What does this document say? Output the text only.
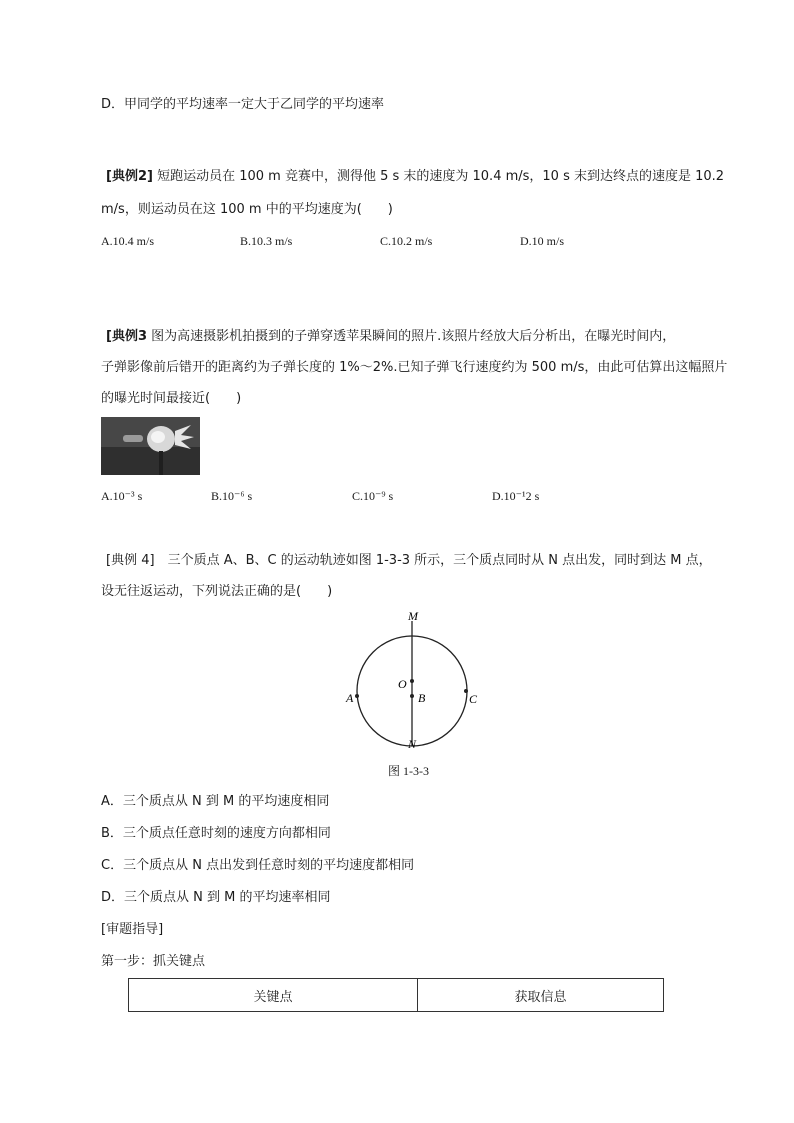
D．甲同学的平均速率一定大于乙同学的平均速率
[典例2] 短跑运动员在 100 m 竞赛中，测得他 5 s 末的速度为 10.4 m/s，10 s 末到达终点的速度是 10.2
m/s，则运动员在这 100 m 中的平均速度为(　　)
A.10.4 m/s	B.10.3 m/s	C.10.2 m/s	D.10 m/s
[典例3 图为高速摄影机拍摄到的子弹穿透苹果瞬间的照片.该照片经放大后分析出，在曝光时间内，
子弹影像前后错开的距离约为子弹长度的 1%～2%.已知子弹飞行速度约为 500 m/s，由此可估算出这幅照片
的曝光时间最接近(　　)
A.10⁻³ s	B.10⁻⁶ s	C.10⁻⁹ s	D.10⁻¹2 s
[典例 4]　三个质点 A、B、C 的运动轨迹如图 1-3-3 所示，三个质点同时从 N 点出发，同时到达 M 点，
设无往返运动，下列说法正确的是(　　)
M
N
O
B
A	C
图 1-3-3
A．三个质点从 N 到 M 的平均速度相同
B．三个质点任意时刻的速度方向都相同
C．三个质点从 N 点出发到任意时刻的平均速度都相同
D．三个质点从 N 到 M 的平均速率相同
[审题指导]
第一步：抓关键点
关键点	获取信息
